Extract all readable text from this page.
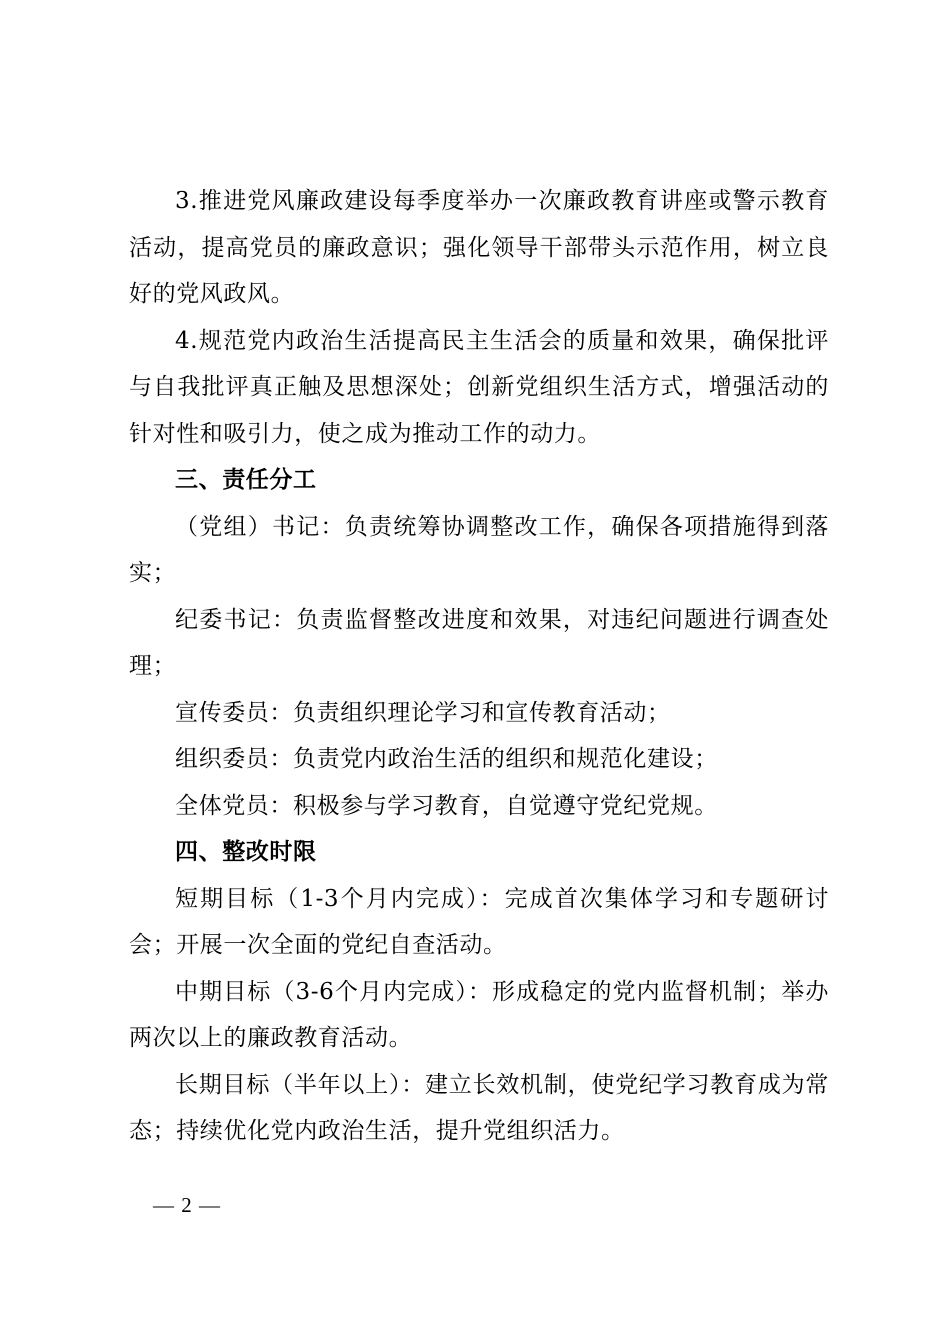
3.推进党风廉政建设每季度举办一次廉政教育讲座或警示教育活动，提高党员的廉政意识；强化领导干部带头示范作用，树立良好的党风政风。

4.规范党内政治生活提高民主生活会的质量和效果，确保批评与自我批评真正触及思想深处；创新党组织生活方式，增强活动的针对性和吸引力，使之成为推动工作的动力。

三、责任分工

（党组）书记：负责统筹协调整改工作，确保各项措施得到落实；

纪委书记：负责监督整改进度和效果，对违纪问题进行调查处理；

宣传委员：负责组织理论学习和宣传教育活动；

组织委员：负责党内政治生活的组织和规范化建设；

全体党员：积极参与学习教育，自觉遵守党纪党规。

四、整改时限

短期目标（1-3个月内完成）：完成首次集体学习和专题研讨会；开展一次全面的党纪自查活动。

中期目标（3-6个月内完成）：形成稳定的党内监督机制；举办两次以上的廉政教育活动。

长期目标（半年以上）：建立长效机制，使党纪学习教育成为常态；持续优化党内政治生活，提升党组织活力。

— 2 —
